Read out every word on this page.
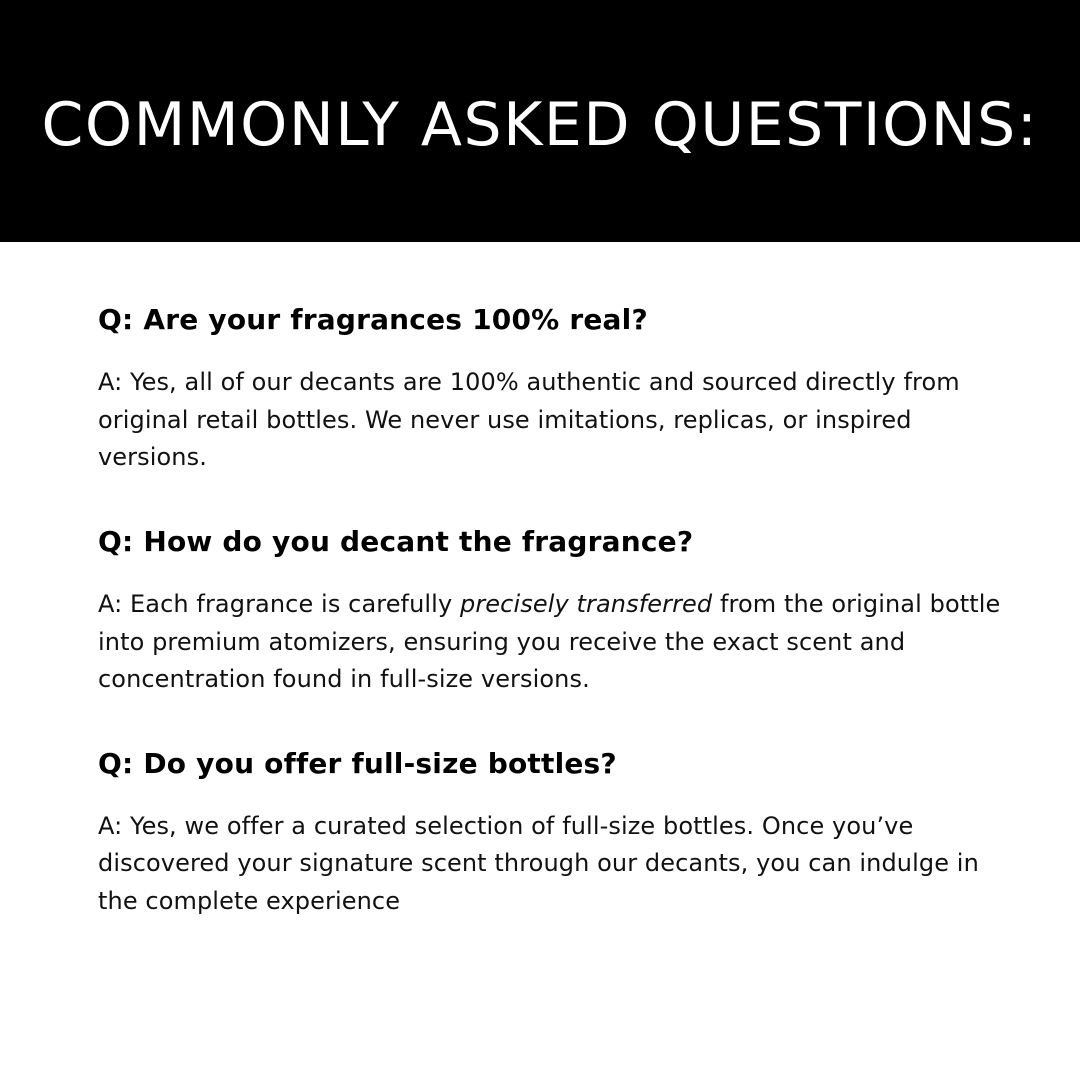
COMMONLY ASKED QUESTIONS:

Q: Are your fragrances 100% real?

A: Yes, all of our decants are 100% authentic and sourced directly from original retail bottles. We never use imitations, replicas, or inspired versions.

Q: How do you decant the fragrance?

A: Each fragrance is carefully precisely transferred from the original bottle into premium atomizers, ensuring you receive the exact scent and concentration found in full-size versions.

Q: Do you offer full-size bottles?

A: Yes, we offer a curated selection of full-size bottles. Once you’ve discovered your signature scent through our decants, you can indulge in the complete experience
